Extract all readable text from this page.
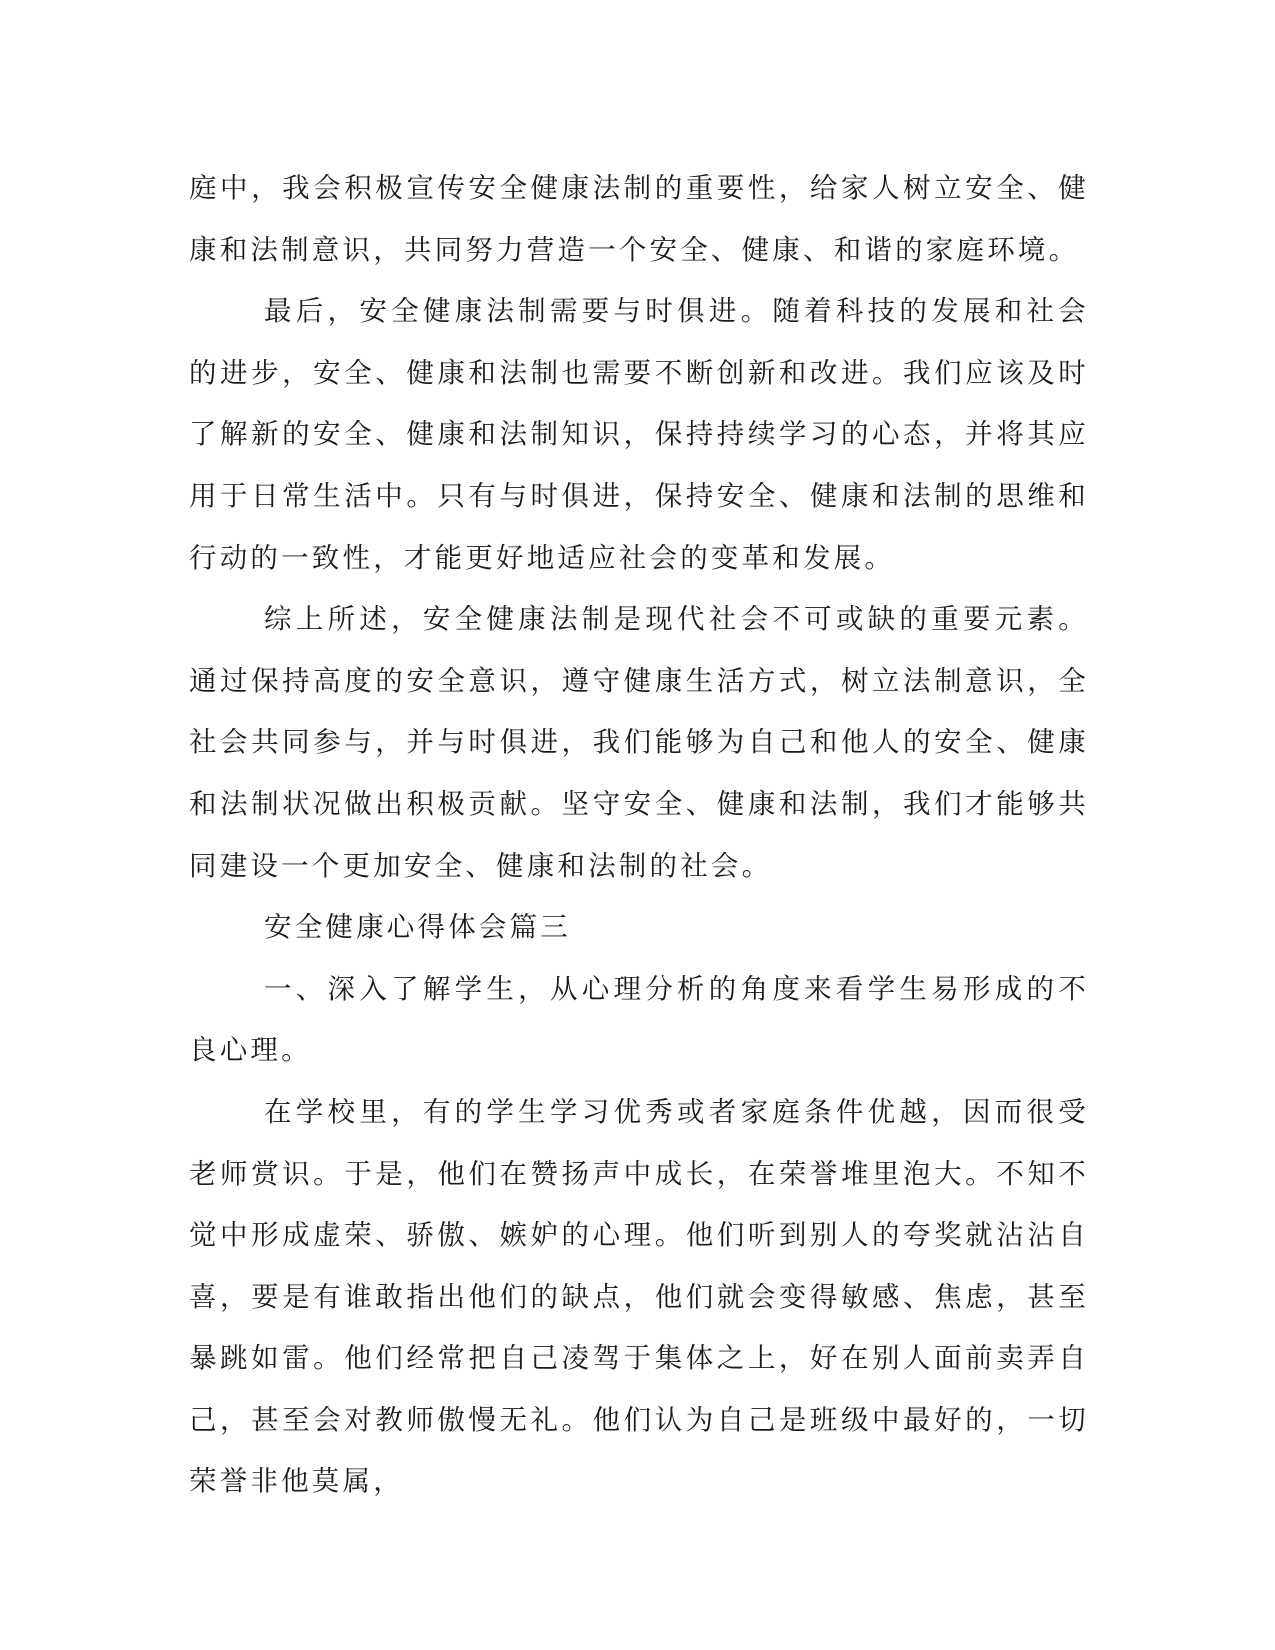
庭中，我会积极宣传安全健康法制的重要性，给家人树立安全、健康和法制意识，共同努力营造一个安全、健康、和谐的家庭环境。

最后，安全健康法制需要与时俱进。随着科技的发展和社会的进步，安全、健康和法制也需要不断创新和改进。我们应该及时了解新的安全、健康和法制知识，保持持续学习的心态，并将其应用于日常生活中。只有与时俱进，保持安全、健康和法制的思维和行动的一致性，才能更好地适应社会的变革和发展。

综上所述，安全健康法制是现代社会不可或缺的重要元素。通过保持高度的安全意识，遵守健康生活方式，树立法制意识，全社会共同参与，并与时俱进，我们能够为自己和他人的安全、健康和法制状况做出积极贡献。坚守安全、健康和法制，我们才能够共同建设一个更加安全、健康和法制的社会。

安全健康心得体会篇三

一、深入了解学生，从心理分析的角度来看学生易形成的不良心理。

在学校里，有的学生学习优秀或者家庭条件优越，因而很受老师赏识。于是，他们在赞扬声中成长，在荣誉堆里泡大。不知不觉中形成虚荣、骄傲、嫉妒的心理。他们听到别人的夸奖就沾沾自喜，要是有谁敢指出他们的缺点，他们就会变得敏感、焦虑，甚至暴跳如雷。他们经常把自己凌驾于集体之上，好在别人面前卖弄自己，甚至会对教师傲慢无礼。他们认为自己是班级中最好的，一切荣誉非他莫属，
